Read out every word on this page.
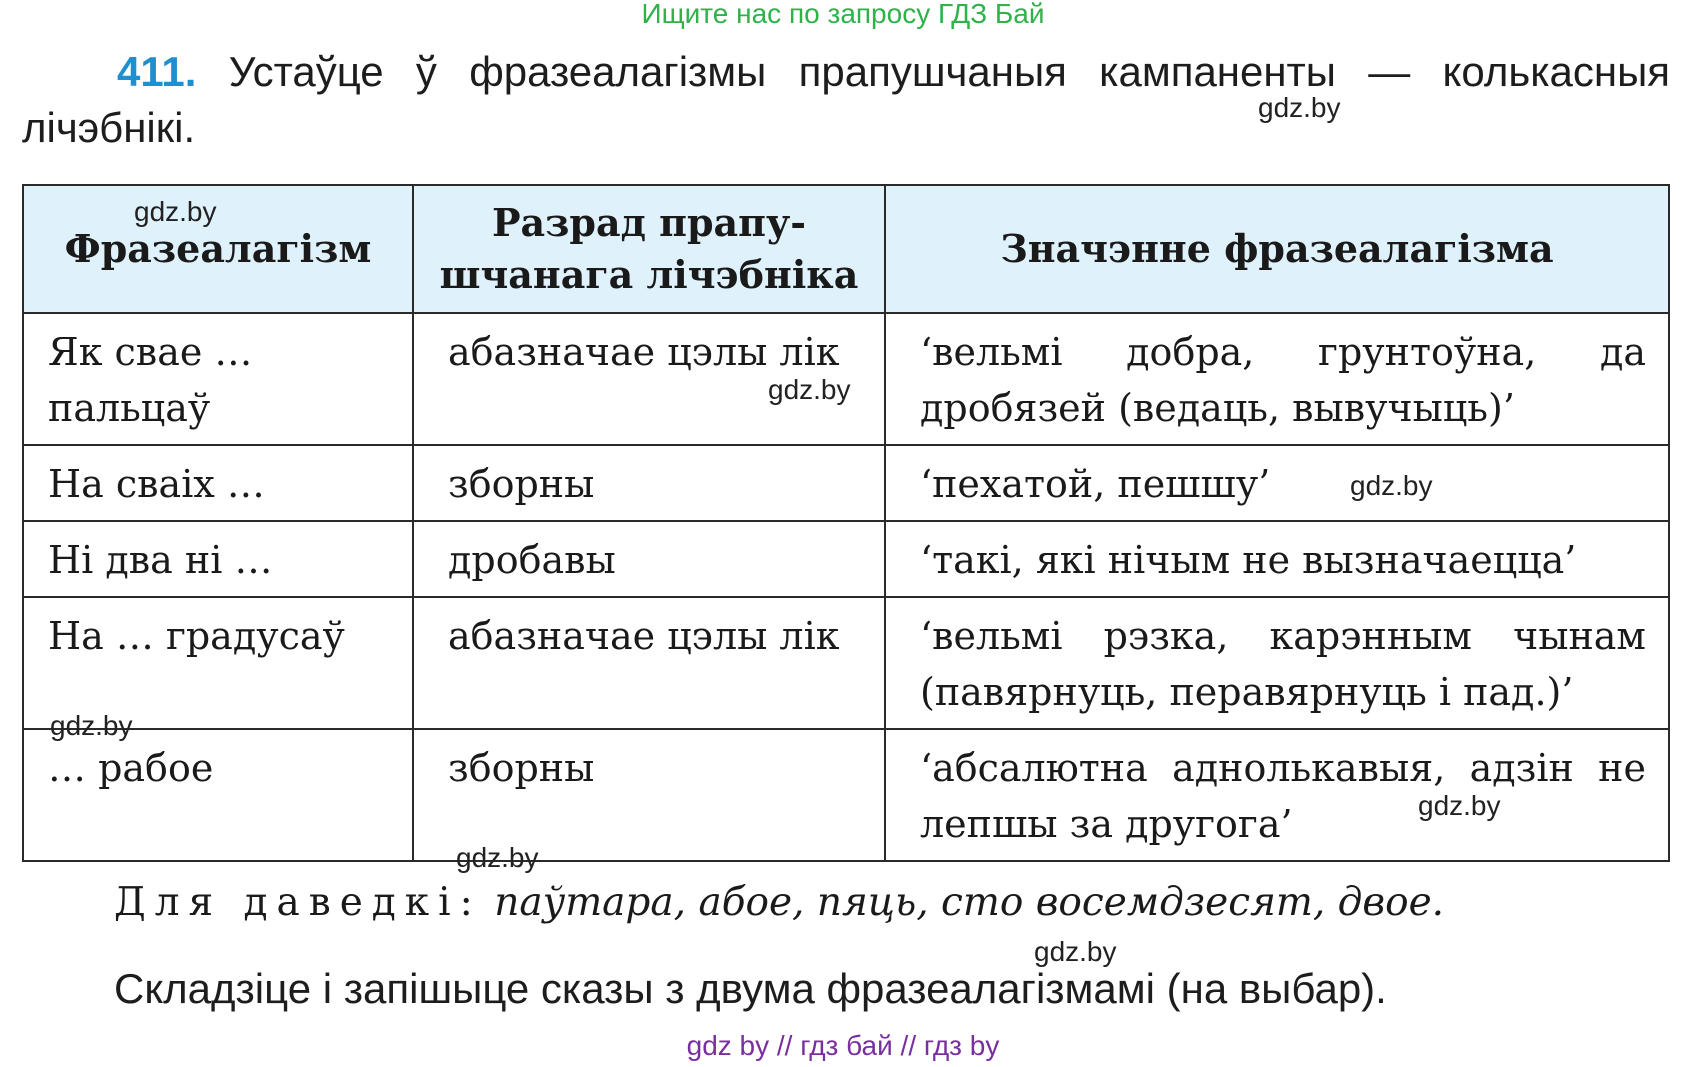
Ищите нас по запросу ГДЗ Бай
411. Устаўце ў фразеалагізмы прапушчаныя кампаненты — колькасныя лічэбнікі.
Фразеалагізм	Разрад прапу-шчанага лічэбніка	Значэнне фразеалагізма
Як свае … пальцаў	абазначае цэлы лік	‘вельмі добра, грунтоўна, да дробязей (ведаць, вывучыць)’
На сваіх …	зборны	‘пехатой, пешшу’
Ні два ні …	дробавы	‘такі, які нічым не вызначаецца’
На … градусаў	абазначае цэлы лік	‘вельмі рэзка, карэнным чынам (павярнуць, перавярнуць і пад.)’
… рабое	зборны	‘абсалютна аднолькавыя, адзін не лепшы за другога’
gdz.by
gdz.by
gdz.by
gdz.by
gdz.by
gdz.by
gdz.by
gdz.by
Для даведкі: паўтара, абое, пяць, сто восемдзесят, двое.
Складзіце і запішыце сказы з двума фразеалагізмамі (на выбар).
gdz by // гдз бай // гдз by
